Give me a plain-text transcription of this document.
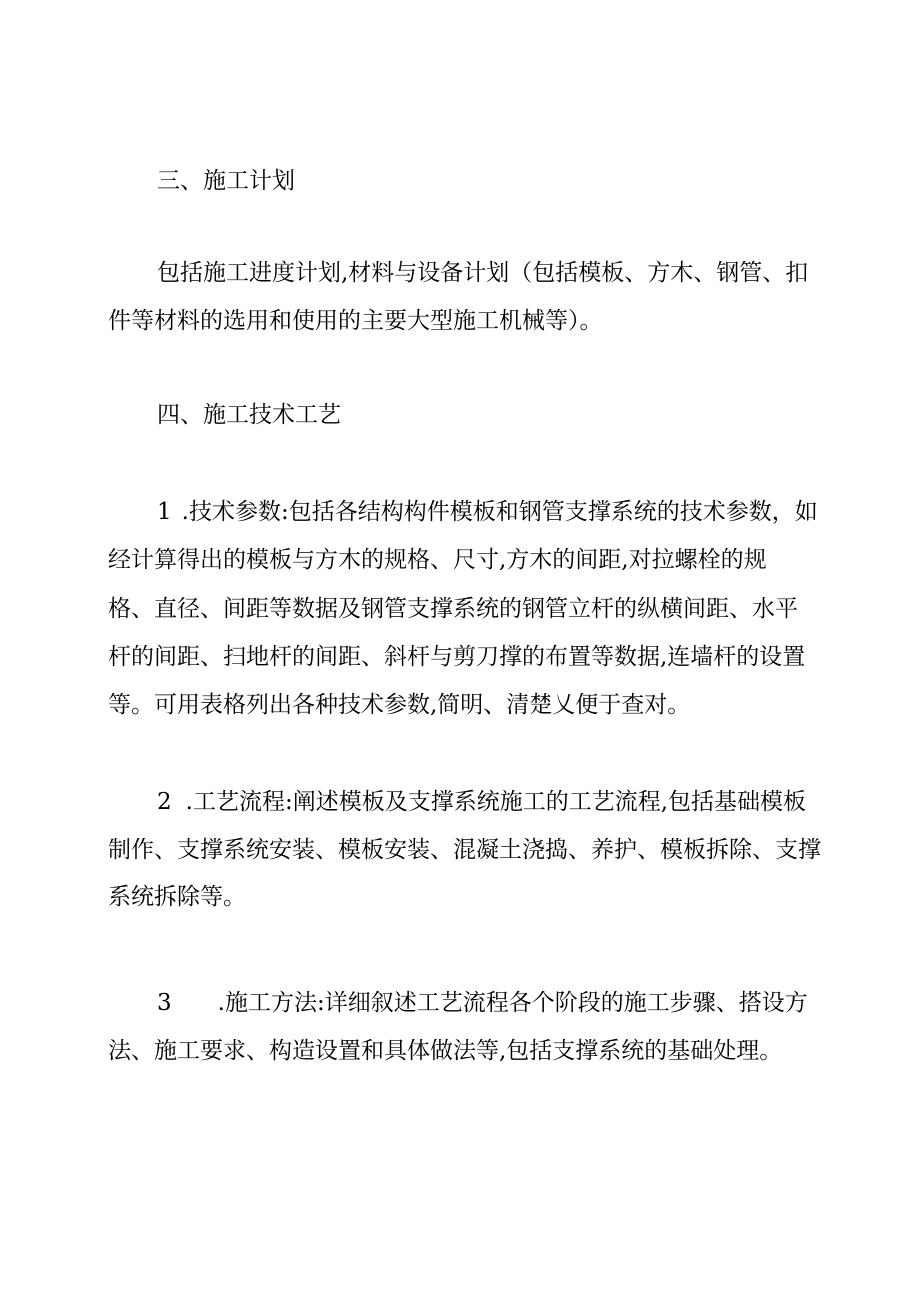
三、施工计划
包括施工进度计划,材料与设备计划（包括模板、方木、钢管、扣
件等材料的选用和使用的主要大型施工机械等）。
四、施工技术工艺
1 .技术参数:包括各结构构件模板和钢管支撑系统的技术参数，如
经计算得出的模板与方木的规格、尺寸,方木的间距,对拉螺栓的规
格、直径、间距等数据及钢管支撑系统的钢管立杆的纵横间距、水平
杆的间距、扫地杆的间距、斜杆与剪刀撑的布置等数据,连墙杆的设置
等。可用表格列出各种技术参数,简明、清楚乂便于查对。
2 .工艺流程:阐述模板及支撑系统施工的工艺流程,包括基础模板
制作、支撑系统安装、模板安装、混凝土浇捣、养护、模板拆除、支撑
系统拆除等。
3 .施工方法:详细叙述工艺流程各个阶段的施工步骤、搭设方
法、施工要求、构造设置和具体做法等,包括支撑系统的基础处理。
